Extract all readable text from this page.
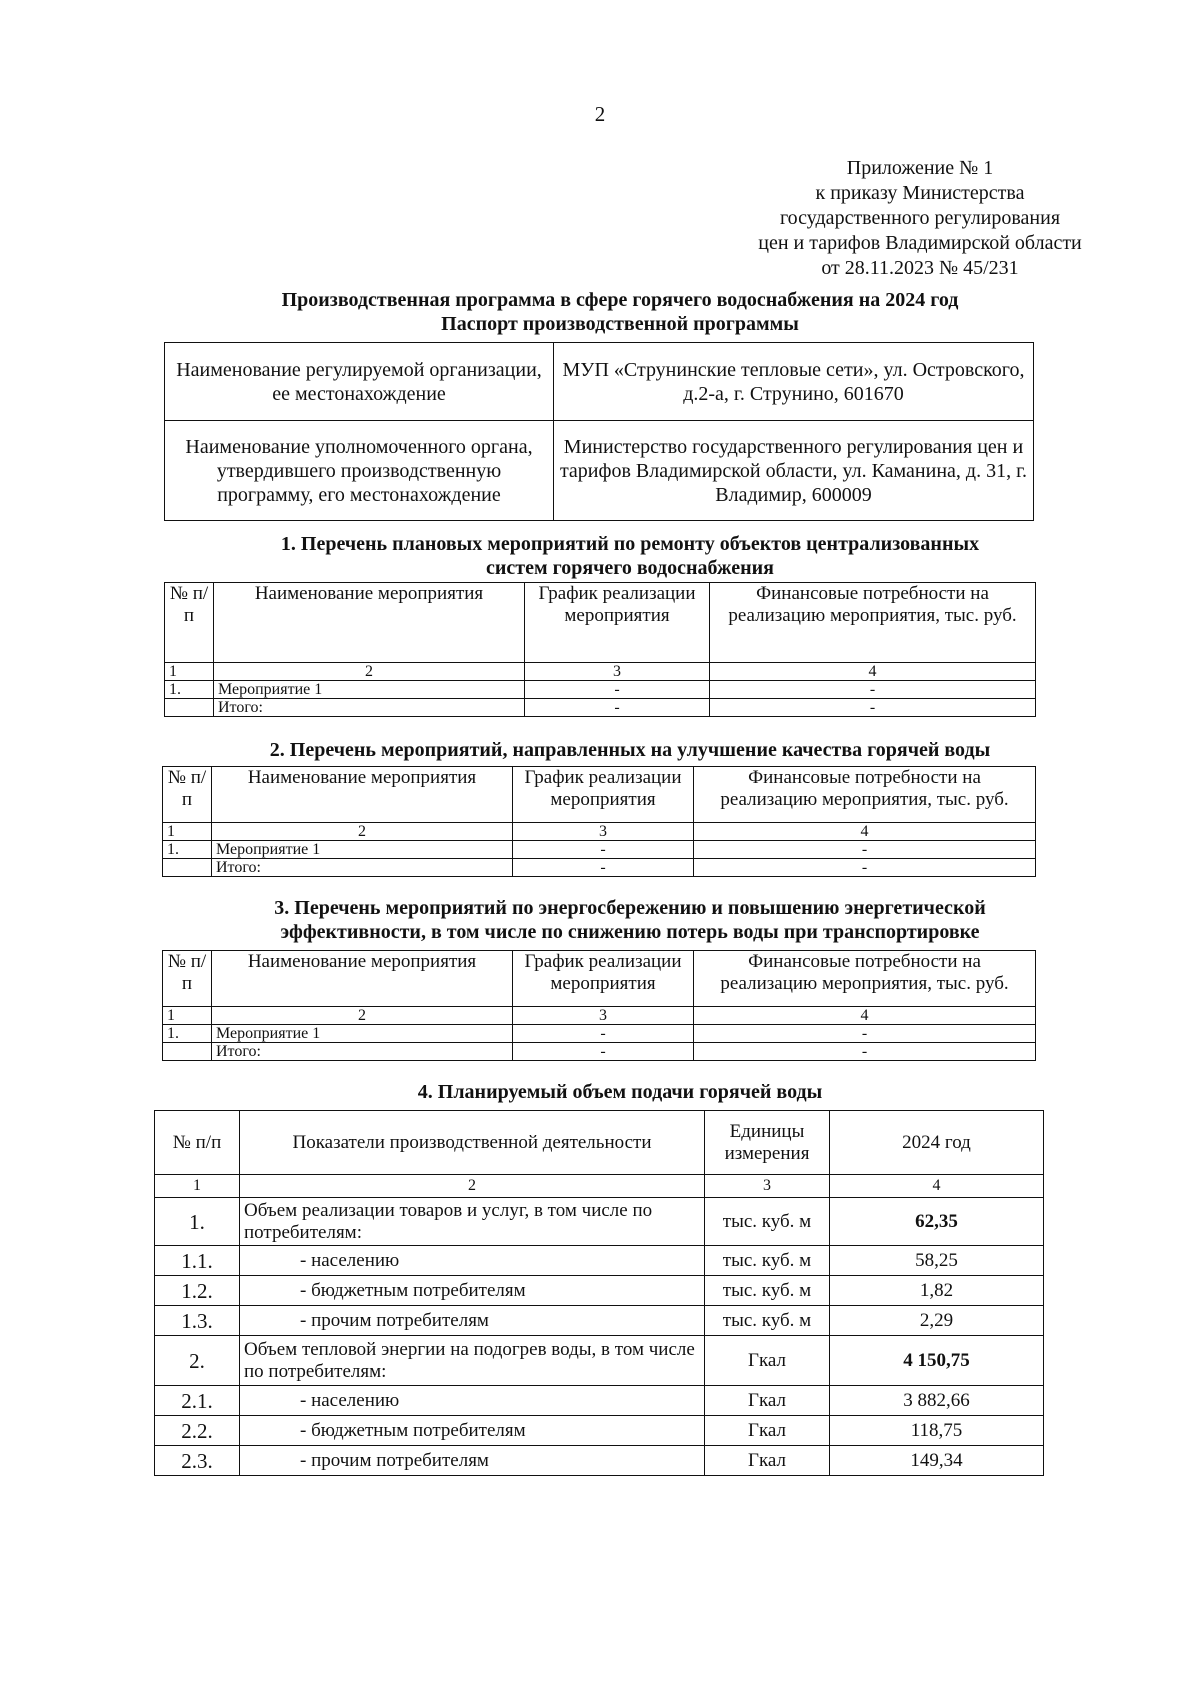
2
Приложение № 1
к приказу Министерства
государственного регулирования
цен и тарифов Владимирской области
от 28.11.2023 № 45/231
Производственная программа в сфере горячего водоснабжения на 2024 год
Паспорт производственной программы
Наименование регулируемой организации, ее местонахождение	МУП «Струнинские тепловые сети», ул. Островского, д.2-а, г. Струнино, 601670
Наименование уполномоченного органа, утвердившего производственную программу, его местонахождение	Министерство государственного регулирования цен и тарифов Владимирской области, ул. Каманина, д. 31, г. Владимир, 600009
1. Перечень плановых мероприятий по ремонту объектов централизованных
систем горячего водоснабжения
№ п/п	Наименование мероприятия	График реализации мероприятия	Финансовые потребности на реализацию мероприятия, тыс. руб.
1	2	3	4
1.	Мероприятие 1	-	-
	Итого:	-	-
2. Перечень мероприятий, направленных на улучшение качества горячей воды
№ п/п	Наименование мероприятия	График реализации мероприятия	Финансовые потребности на реализацию мероприятия, тыс. руб.
1	2	3	4
1.	Мероприятие 1	-	-
	Итого:	-	-
3. Перечень мероприятий по энергосбережению и повышению энергетической
эффективности, в том числе по снижению потерь воды при транспортировке
№ п/п	Наименование мероприятия	График реализации мероприятия	Финансовые потребности на реализацию мероприятия, тыс. руб.
1	2	3	4
1.	Мероприятие 1	-	-
	Итого:	-	-
4. Планируемый объем подачи горячей воды
№ п/п	Показатели производственной деятельности	Единицы измерения	2024 год
1	2	3	4
1.	Объем реализации товаров и услуг, в том числе по потребителям:	тыс. куб. м	62,35
1.1.	- населению	тыс. куб. м	58,25
1.2.	- бюджетным потребителям	тыс. куб. м	1,82
1.3.	- прочим потребителям	тыс. куб. м	2,29
2.	Объем тепловой энергии на подогрев воды, в том числе по потребителям:	Гкал	4 150,75
2.1.	- населению	Гкал	3 882,66
2.2.	- бюджетным потребителям	Гкал	118,75
2.3.	- прочим потребителям	Гкал	149,34
